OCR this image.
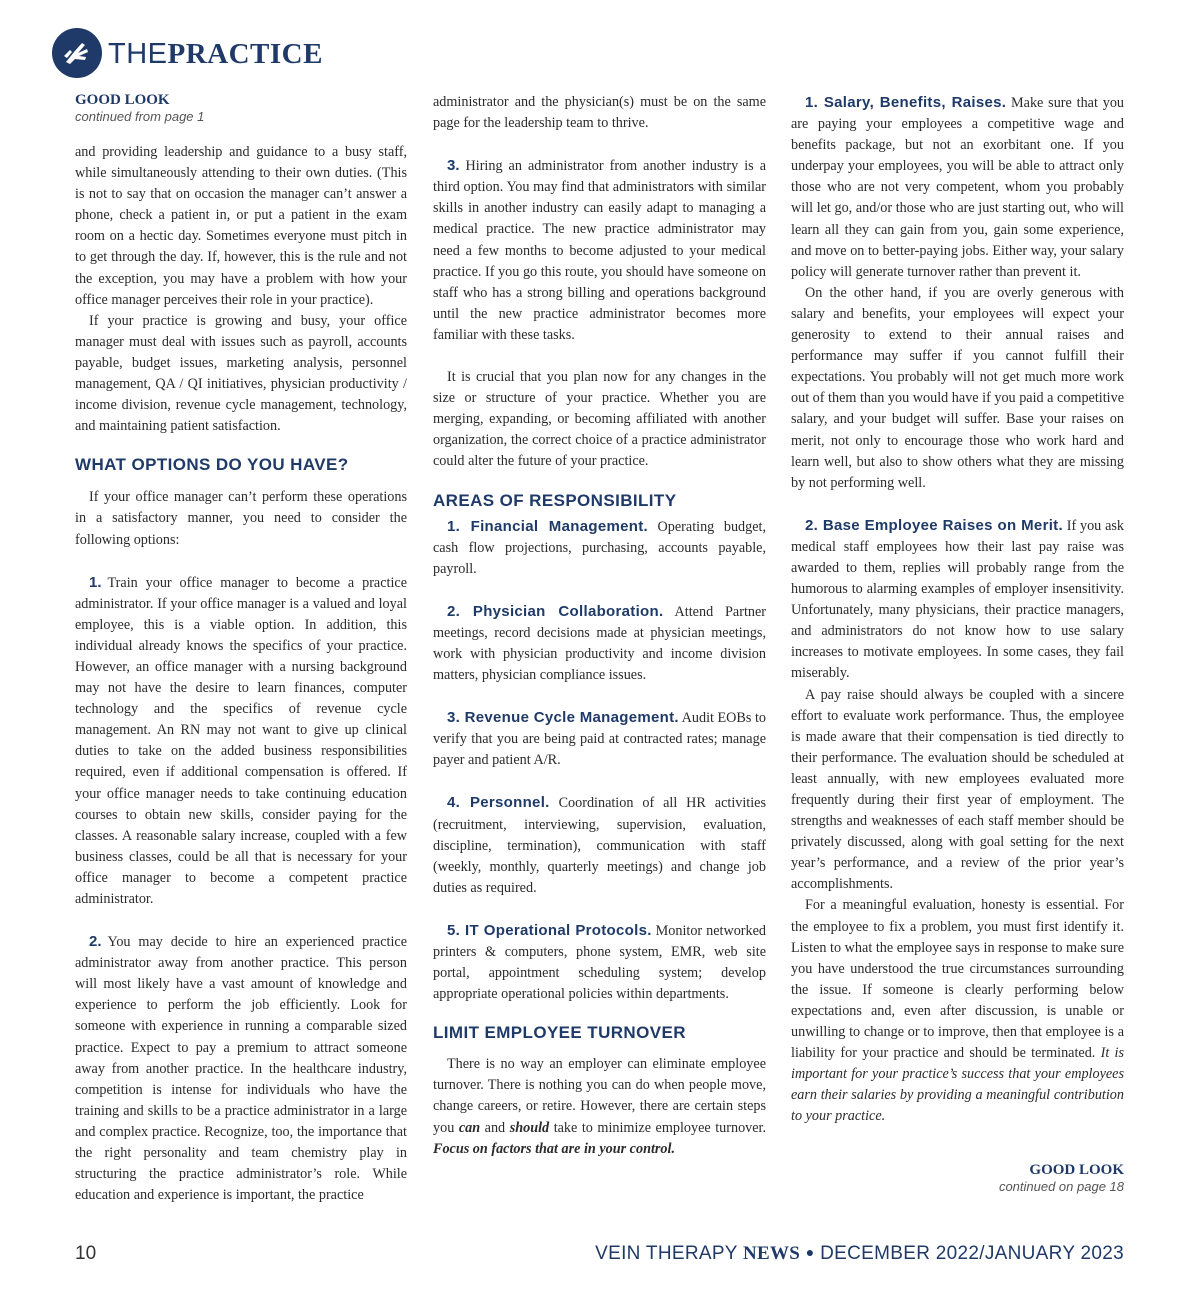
THEPRACTICE
GOOD LOOK
continued from page 1

and providing leadership and guidance to a busy staff, while simultaneously attending to their own duties. (This is not to say that on occasion the manager can’t answer a phone, check a patient in, or put a patient in the exam room on a hectic day. Sometimes everyone must pitch in to get through the day. If, however, this is the rule and not the exception, you may have a problem with how your office manager perceives their role in your practice).

If your practice is growing and busy, your office manager must deal with issues such as payroll, accounts payable, budget issues, marketing analysis, personnel management, QA / QI initiatives, physician productivity / income division, revenue cycle management, technology, and maintaining patient satisfaction.

WHAT OPTIONS DO YOU HAVE?

If your office manager can’t perform these operations in a satisfactory manner, you need to consider the following options:

1. Train your office manager to become a practice administrator. If your office manager is a valued and loyal employee, this is a viable option. In addition, this individual already knows the specifics of your practice. However, an office manager with a nursing background may not have the desire to learn finances, computer technology and the specifics of revenue cycle management. An RN may not want to give up clinical duties to take on the added business responsibilities required, even if additional compensation is offered. If your office manager needs to take continuing education courses to obtain new skills, consider paying for the classes. A reasonable salary increase, coupled with a few business classes, could be all that is necessary for your office manager to become a competent practice administrator.

2. You may decide to hire an experienced practice administrator away from another practice. This person will most likely have a vast amount of knowledge and experience to perform the job efficiently. Look for someone with experience in running a comparable sized practice. Expect to pay a premium to attract someone away from another practice. In the healthcare industry, competition is intense for individuals who have the training and skills to be a practice administrator in a large and complex practice. Recognize, too, the importance that the right personality and team chemistry play in structuring the practice administrator’s role. While education and experience is important, the practice

administrator and the physician(s) must be on the same page for the leadership team to thrive.

3. Hiring an administrator from another industry is a third option. You may find that administrators with similar skills in another industry can easily adapt to managing a medical practice. The new practice administrator may need a few months to become adjusted to your medical practice. If you go this route, you should have someone on staff who has a strong billing and operations background until the new practice administrator becomes more familiar with these tasks.

It is crucial that you plan now for any changes in the size or structure of your practice. Whether you are merging, expanding, or becoming affiliated with another organization, the correct choice of a practice administrator could alter the future of your practice.

AREAS OF RESPONSIBILITY

1. Financial Management. Operating budget, cash flow projections, purchasing, accounts payable, payroll.

2. Physician Collaboration. Attend Partner meetings, record decisions made at physician meetings, work with physician productivity and income division matters, physician compliance issues.

3. Revenue Cycle Management. Audit EOBs to verify that you are being paid at contracted rates; manage payer and patient A/R.

4. Personnel. Coordination of all HR activities (recruitment, interviewing, supervision, evaluation, discipline, termination), communication with staff (weekly, monthly, quarterly meetings) and change job duties as required.

5. IT Operational Protocols. Monitor networked printers & computers, phone system, EMR, web site portal, appointment scheduling system; develop appropriate operational policies within departments.

LIMIT EMPLOYEE TURNOVER

There is no way an employer can eliminate employee turnover. There is nothing you can do when people move, change careers, or retire. However, there are certain steps you can and should take to minimize employee turnover. Focus on factors that are in your control.

1. Salary, Benefits, Raises. Make sure that you are paying your employees a competitive wage and benefits package, but not an exorbitant one. If you underpay your employees, you will be able to attract only those who are not very competent, whom you probably will let go, and/or those who are just starting out, who will learn all they can gain from you, gain some experience, and move on to better-paying jobs. Either way, your salary policy will generate turnover rather than prevent it.

On the other hand, if you are overly generous with salary and benefits, your employees will expect your generosity to extend to their annual raises and performance may suffer if you cannot fulfill their expectations. You probably will not get much more work out of them than you would have if you paid a competitive salary, and your budget will suffer. Base your raises on merit, not only to encourage those who work hard and learn well, but also to show others what they are missing by not performing well.

2. Base Employee Raises on Merit. If you ask medical staff employees how their last pay raise was awarded to them, replies will probably range from the humorous to alarming examples of employer insensitivity. Unfortunately, many physicians, their practice managers, and administrators do not know how to use salary increases to motivate employees. In some cases, they fail miserably.

A pay raise should always be coupled with a sincere effort to evaluate work performance. Thus, the employee is made aware that their compensation is tied directly to their performance. The evaluation should be scheduled at least annually, with new employees evaluated more frequently during their first year of employment. The strengths and weaknesses of each staff member should be privately discussed, along with goal setting for the next year’s performance, and a review of the prior year’s accomplishments.

For a meaningful evaluation, honesty is essential. For the employee to fix a problem, you must first identify it. Listen to what the employee says in response to make sure you have understood the true circumstances surrounding the issue. If someone is clearly performing below expectations and, even after discussion, is unable or unwilling to change or to improve, then that employee is a liability for your practice and should be terminated. It is important for your practice’s success that your employees earn their salaries by providing a meaningful contribution to your practice.

GOOD LOOK
continued on page 18
10	VEIN THERAPY NEWS ● DECEMBER 2022/JANUARY 2023
